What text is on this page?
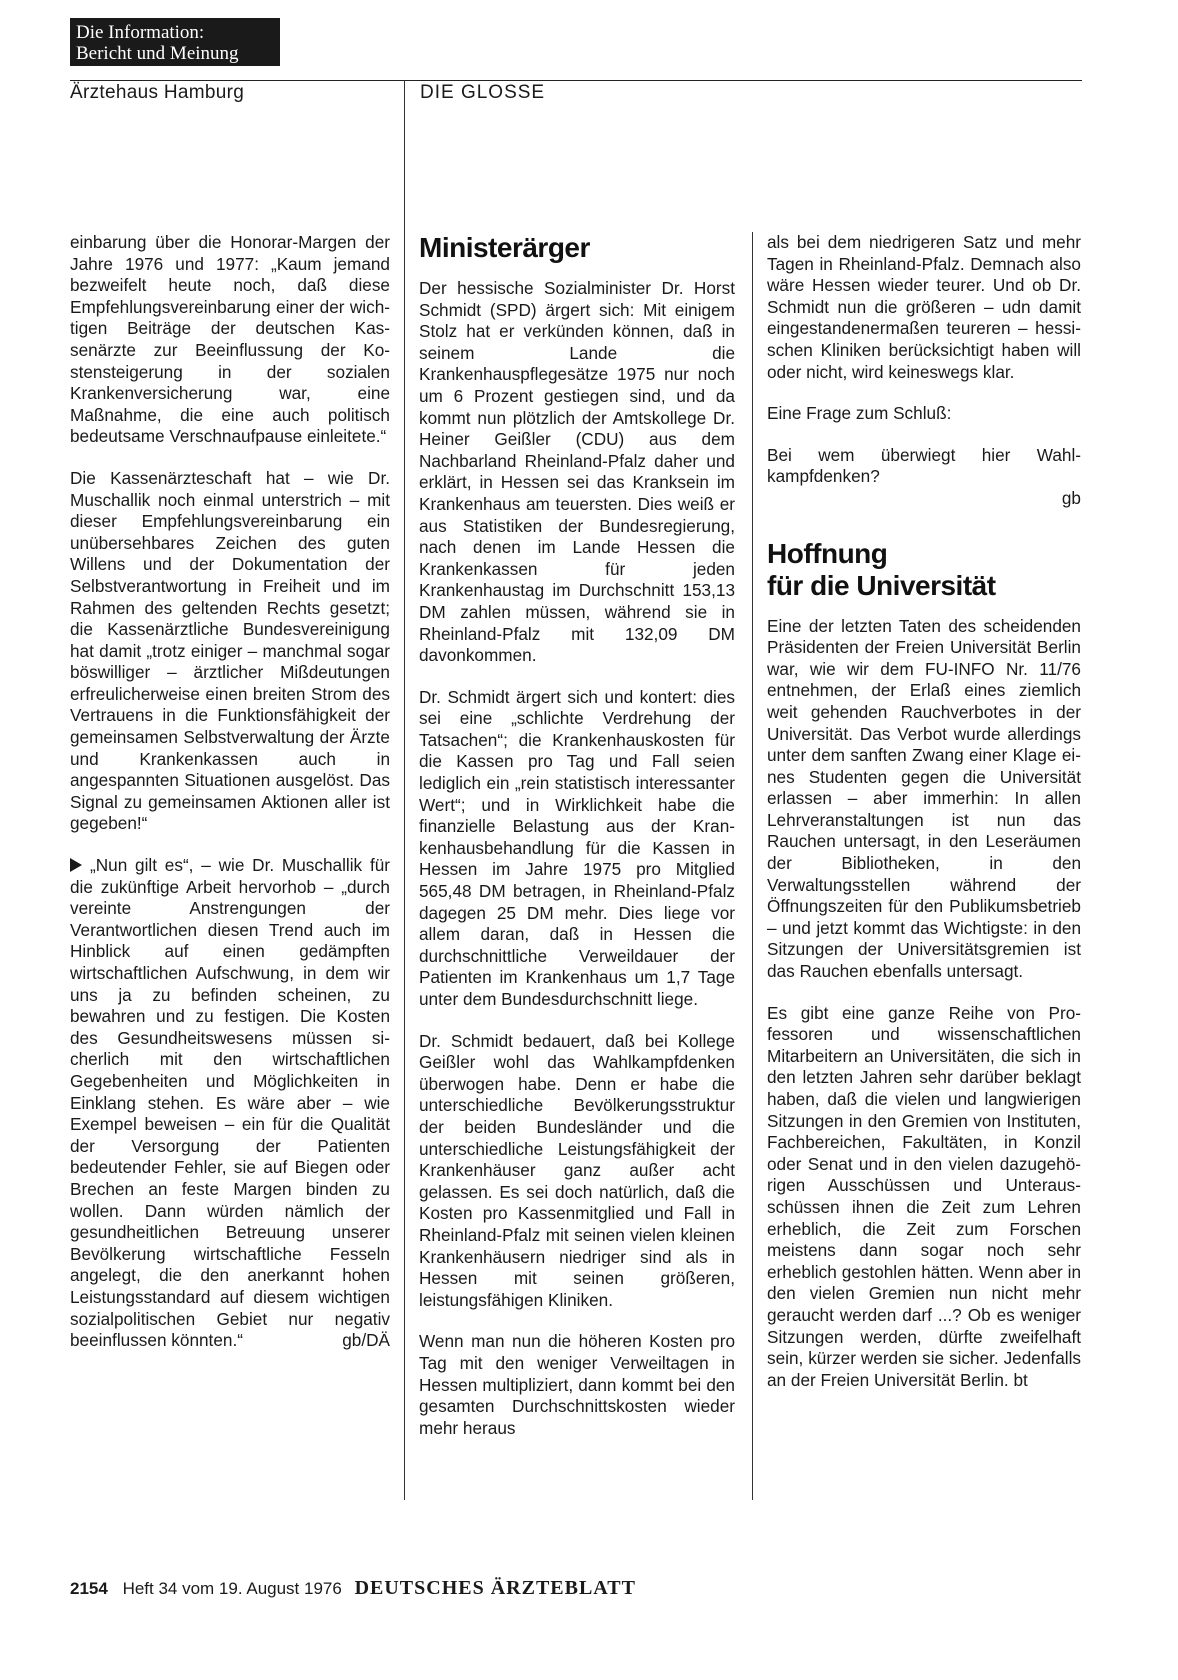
Die Information:
Bericht und Meinung
Ärztehaus Hamburg	DIE GLOSSE

einbarung über die Honorar-Margen der Jahre 1976 und 1977: „Kaum jemand bezweifelt heute noch, daß diese Empfehlungsvereinbarung einer der wichtigen Beiträge der deutschen Kassenärzte zur Beeinflussung der Kostensteigerung in der sozialen Krankenversicherung war, eine Maßnahme, die eine auch politisch bedeutsame Verschnaufpause einleitete.“

Die Kassenärzteschaft hat – wie Dr. Muschallik noch einmal unterstrich – mit dieser Empfehlungsvereinbarung ein unübersehbares Zeichen des guten Willens und der Dokumentation der Selbstverantwortung in Freiheit und im Rahmen des geltenden Rechts gesetzt; die Kassenärztliche Bundesvereinigung hat damit „trotz einiger – manchmal sogar böswilliger – ärztlicher Mißdeutungen erfreulicherweise einen breiten Strom des Vertrauens in die Funktionsfähigkeit der gemeinsamen Selbstverwaltung der Ärzte und Krankenkassen auch in angespannten Situationen ausgelöst. Das Signal zu gemeinsamen Aktionen aller ist gegeben!“

„Nun gilt es“, – wie Dr. Muschallik für die zukünftige Arbeit hervorhob – „durch vereinte Anstrengungen der Verantwortlichen diesen Trend auch im Hinblick auf einen gedämpften wirtschaftlichen Aufschwung, in dem wir uns ja zu befinden scheinen, zu bewahren und zu festigen. Die Kosten des Gesundheitswesens müssen sicherlich mit den wirtschaftlichen Gegebenheiten und Möglichkeiten in Einklang stehen. Es wäre aber – wie Exempel beweisen – ein für die Qualität der Versorgung der Patienten bedeutender Fehler, sie auf Biegen oder Brechen an feste Margen binden zu wollen. Dann würden nämlich der gesundheitlichen Betreuung unserer Bevölkerung wirtschaftliche Fesseln angelegt, die den anerkannt hohen Leistungsstandard auf diesem wichtigen sozialpolitischen Gebiet nur negativ beeinflussen könnten.“	gb/DÄ

Ministerärger

Der hessische Sozialminister Dr. Horst Schmidt (SPD) ärgert sich: Mit einigem Stolz hat er verkünden können, daß in seinem Lande die Krankenhauspflegesätze 1975 nur noch um 6 Prozent gestiegen sind, und da kommt nun plötzlich der Amtskollege Dr. Heiner Geißler (CDU) aus dem Nachbarland Rheinland-Pfalz daher und erklärt, in Hessen sei das Kranksein im Krankenhaus am teuersten. Dies weiß er aus Statistiken der Bundesregierung, nach denen im Lande Hessen die Krankenkassen für jeden Krankenhaustag im Durchschnitt 153,13 DM zahlen müssen, während sie in Rheinland-Pfalz mit 132,09 DM davonkommen.

Dr. Schmidt ärgert sich und kontert: dies sei eine „schlichte Verdrehung der Tatsachen“; die Krankenhauskosten für die Kassen pro Tag und Fall seien lediglich ein „rein statistisch interessanter Wert“; und in Wirklichkeit habe die finanzielle Belastung aus der Krankenhausbehandlung für die Kassen in Hessen im Jahre 1975 pro Mitglied 565,48 DM betragen, in Rheinland-Pfalz dagegen 25 DM mehr. Dies liege vor allem daran, daß in Hessen die durchschnittliche Verweildauer der Patienten im Krankenhaus um 1,7 Tage unter dem Bundesdurchschnitt liege.

Dr. Schmidt bedauert, daß bei Kollege Geißler wohl das Wahlkampfdenken überwogen habe. Denn er habe die unterschiedliche Bevölkerungsstruktur der beiden Bundesländer und die unterschiedliche Leistungsfähigkeit der Krankenhäuser ganz außer acht gelassen. Es sei doch natürlich, daß die Kosten pro Kassenmitglied und Fall in Rheinland-Pfalz mit seinen vielen kleinen Krankenhäusern niedriger sind als in Hessen mit seinen größeren, leistungsfähigen Kliniken.

Wenn man nun die höheren Kosten pro Tag mit den weniger Verweiltagen in Hessen multipliziert, dann kommt bei den gesamten Durchschnittskosten wieder mehr heraus

als bei dem niedrigeren Satz und mehr Tagen in Rheinland-Pfalz. Demnach also wäre Hessen wieder teurer. Und ob Dr. Schmidt nun die größeren – udn damit eingestandenermaßen teureren – hessischen Kliniken berücksichtigt haben will oder nicht, wird keineswegs klar.

Eine Frage zum Schluß:

Bei wem überwiegt hier Wahlkampfdenken?

gb

Hoffnung
für die Universität

Eine der letzten Taten des scheidenden Präsidenten der Freien Universität Berlin war, wie wir dem FU-INFO Nr. 11/76 entnehmen, der Erlaß eines ziemlich weit gehenden Rauchverbotes in der Universität. Das Verbot wurde allerdings unter dem sanften Zwang einer Klage eines Studenten gegen die Universität erlassen – aber immerhin: In allen Lehrveranstaltungen ist nun das Rauchen untersagt, in den Leseräumen der Bibliotheken, in den Verwaltungsstellen während der Öffnungszeiten für den Publikumsbetrieb – und jetzt kommt das Wichtigste: in den Sitzungen der Universitätsgremien ist das Rauchen ebenfalls untersagt.

Es gibt eine ganze Reihe von Professoren und wissenschaftlichen Mitarbeitern an Universitäten, die sich in den letzten Jahren sehr darüber beklagt haben, daß die vielen und langwierigen Sitzungen in den Gremien von Instituten, Fachbereichen, Fakultäten, in Konzil oder Senat und in den vielen dazugehörigen Ausschüssen und Unterausschüssen ihnen die Zeit zum Lehren erheblich, die Zeit zum Forschen meistens dann sogar noch sehr erheblich gestohlen hätten. Wenn aber in den vielen Gremien nun nicht mehr geraucht werden darf ...? Ob es weniger Sitzungen werden, dürfte zweifelhaft sein, kürzer werden sie sicher. Jedenfalls an der Freien Universität Berlin. bt

2154 Heft 34 vom 19. August 1976 DEUTSCHES ÄRZTEBLATT
